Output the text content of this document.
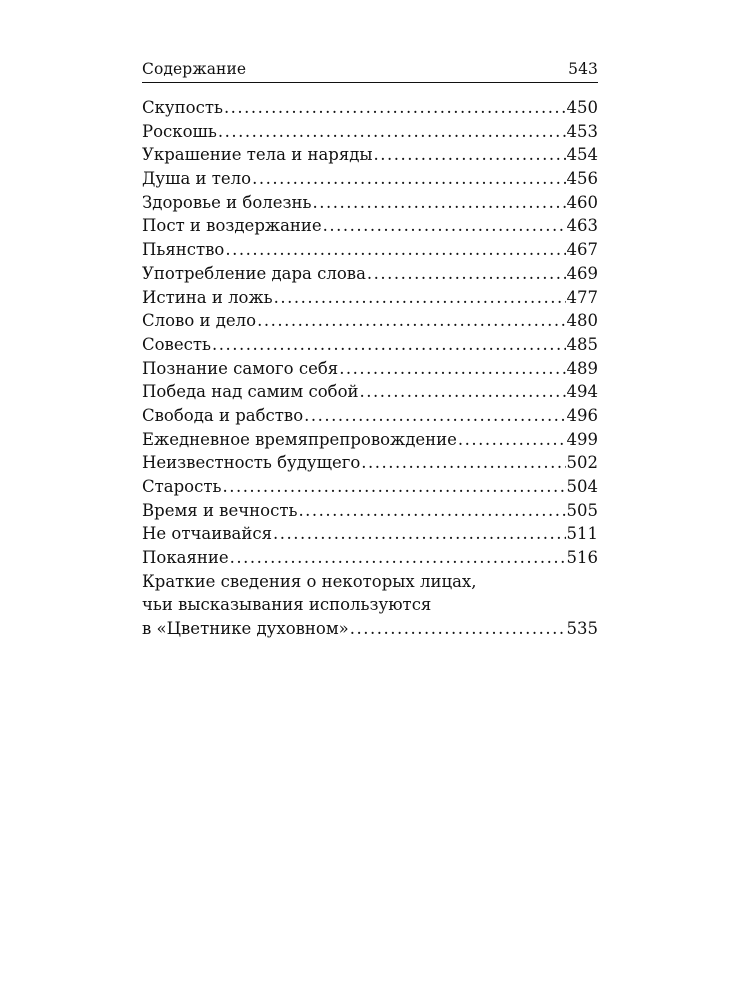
Содержание	543
Скупость .....	450
Роскошь .....	453
Украшение тела и наряды .....	454
Душа и тело .....	456
Здоровье и болезнь .....	460
Пост и воздержание .....	463
Пьянство .....	467
Употребление дара слова .....	469
Истина и ложь .....	477
Слово и дело .....	480
Совесть .....	485
Познание самого себя .....	489
Победа над самим собой .....	494
Свобода и рабство .....	496
Ежедневное времяпрепровождение .....	499
Неизвестность будущего .....	502
Старость .....	504
Время и вечность .....	505
Не отчаивайся .....	511
Покаяние .....	516
Краткие сведения о некоторых лицах,
чьи высказывания используются
в «Цветнике духовном» .....	535
